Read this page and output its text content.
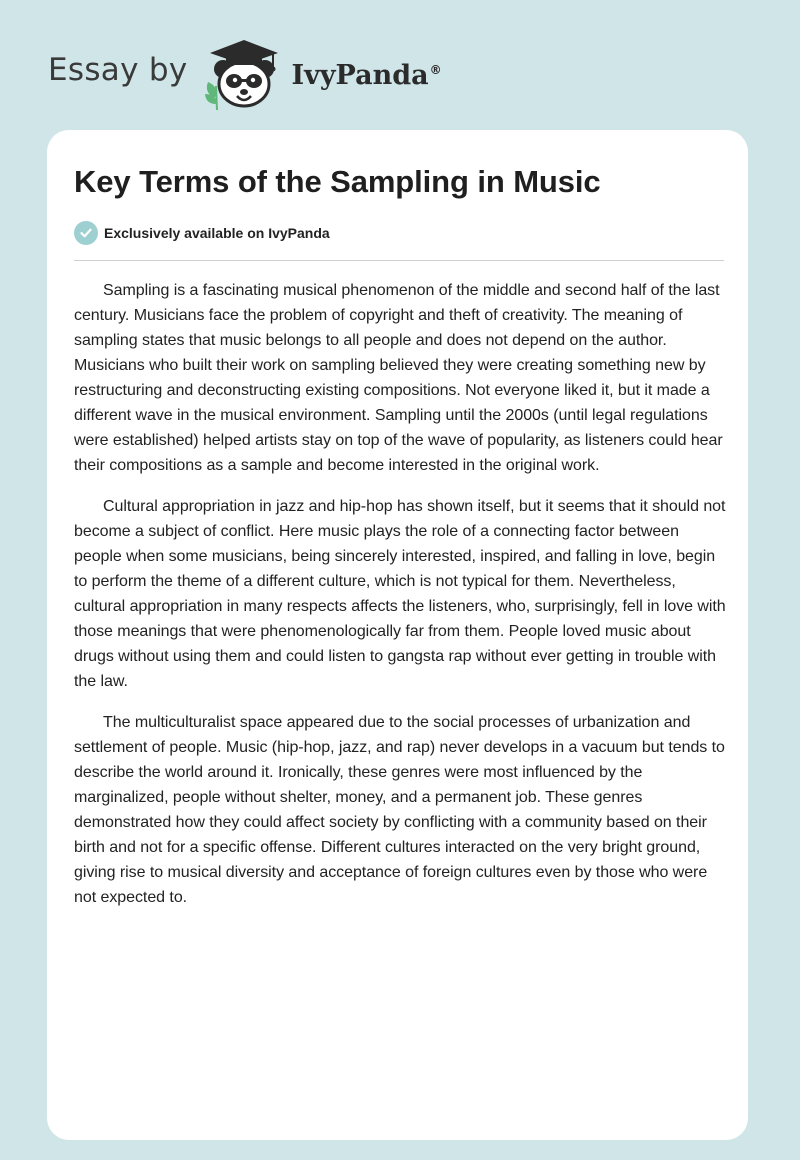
Essay by	IvyPanda®
Key Terms of the Sampling in Music
Exclusively available on IvyPanda

Sampling is a fascinating musical phenomenon of the middle and second half of the last century. Musicians face the problem of copyright and theft of creativity. The meaning of sampling states that music belongs to all people and does not depend on the author. Musicians who built their work on sampling believed they were creating something new by restructuring and deconstructing existing compositions. Not everyone liked it, but it made a different wave in the musical environment. Sampling until the 2000s (until legal regulations were established) helped artists stay on top of the wave of popularity, as listeners could hear their compositions as a sample and become interested in the original work.

Cultural appropriation in jazz and hip-hop has shown itself, but it seems that it should not become a subject of conflict. Here music plays the role of a connecting factor between people when some musicians, being sincerely interested, inspired, and falling in love, begin to perform the theme of a different culture, which is not typical for them. Nevertheless, cultural appropriation in many respects affects the listeners, who, surprisingly, fell in love with those meanings that were phenomenologically far from them. People loved music about drugs without using them and could listen to gangsta rap without ever getting in trouble with the law.

The multiculturalist space appeared due to the social processes of urbanization and settlement of people. Music (hip-hop, jazz, and rap) never develops in a vacuum but tends to describe the world around it. Ironically, these genres were most influenced by the marginalized, people without shelter, money, and a permanent job. These genres demonstrated how they could affect society by conflicting with a community based on their birth and not for a specific offense. Different cultures interacted on the very bright ground, giving rise to musical diversity and acceptance of foreign cultures even by those who were not expected to.
